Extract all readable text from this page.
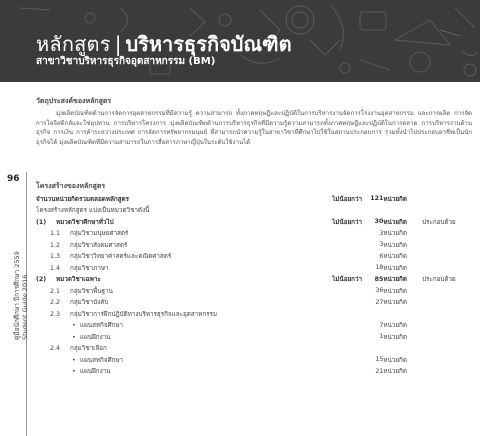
หลักสูตร | บริหารธุรกิจบัณฑิต
สาขาวิชาบริหารธุรกิจอุตสาหกรรม (BM)
วัตถุประสงค์ของหลักสูตร

มุ่งผลิตบัณฑิตด้านการจัดการอุตสาหกรรมที่มีความรู้ ความสามารถ ทั้งภาคทฤษฎีและปฏิบัติในการบริหารงานจัดการโรงงานอุตสาหกรรม และการผลิต การจัดการโลจิสติกส์และโซ่อุปทาน การบริหารโครงการ มุ่งผลิตบัณฑิตด้านการบริหารธุรกิจที่มีความรู้ความสามารถทั้งภาคทฤษฎีและปฏิบัติในการตลาด การบริหารงานด้านธุรกิจ การเงิน การค้าระหว่างประเทศ การจัดการทรัพยากรมนุษย์ ที่สามารถนำความรู้ในสาขาวิชาที่ศึกษาไปใช้ในสถานประกอบการ รวมทั้งนำไปประกอบอาชีพเป็นนักธุรกิจได้ มุ่งผลิตบัณฑิตที่มีความสามารถในการสื่อสารภาษาญี่ปุ่นในระดับใช้งานได้

96
คู่มือนักศึกษา ปีการศึกษา 2559 Student Guide 2016
โครงสร้างของหลักสูตร
จำนวนหน่วยกิตรวมตลอดหลักสูตร	ไม่น้อยกว่า	121	หน่วยกิต	
โครงสร้างหลักสูตร แบ่งเป็นหมวดวิชาดังนี้				
(1) หมวดวิชาศึกษาทั่วไป	ไม่น้อยกว่า	30	หน่วยกิต	ประกอบด้วย
1.1 กลุ่มวิชามนุษยศาสตร์		3	หน่วยกิต	
1.2 กลุ่มวิชาสังคมศาสตร์		3	หน่วยกิต	
1.3 กลุ่มวิชาวิทยาศาสตร์และคณิตศาสตร์		6	หน่วยกิต	
1.4 กลุ่มวิชาภาษา		18	หน่วยกิต	
(2) หมวดวิชาเฉพาะ	ไม่น้อยกว่า	85	หน่วยกิต	ประกอบด้วย
2.1 กลุ่มวิชาพื้นฐาน		36	หน่วยกิต	
2.2 กลุ่มวิชาบังคับ		27	หน่วยกิต	
2.3 กลุ่มวิชาการฝึกปฏิบัติทางบริหารธุรกิจและอุตสาหกรรม				
• แผนสหกิจศึกษา		7	หน่วยกิต	
• แผนฝึกงาน		1	หน่วยกิต	
2.4 กลุ่มวิชาเลือก				
• แผนสหกิจศึกษา		15	หน่วยกิต	
• แผนฝึกงาน		21	หน่วยกิต	
